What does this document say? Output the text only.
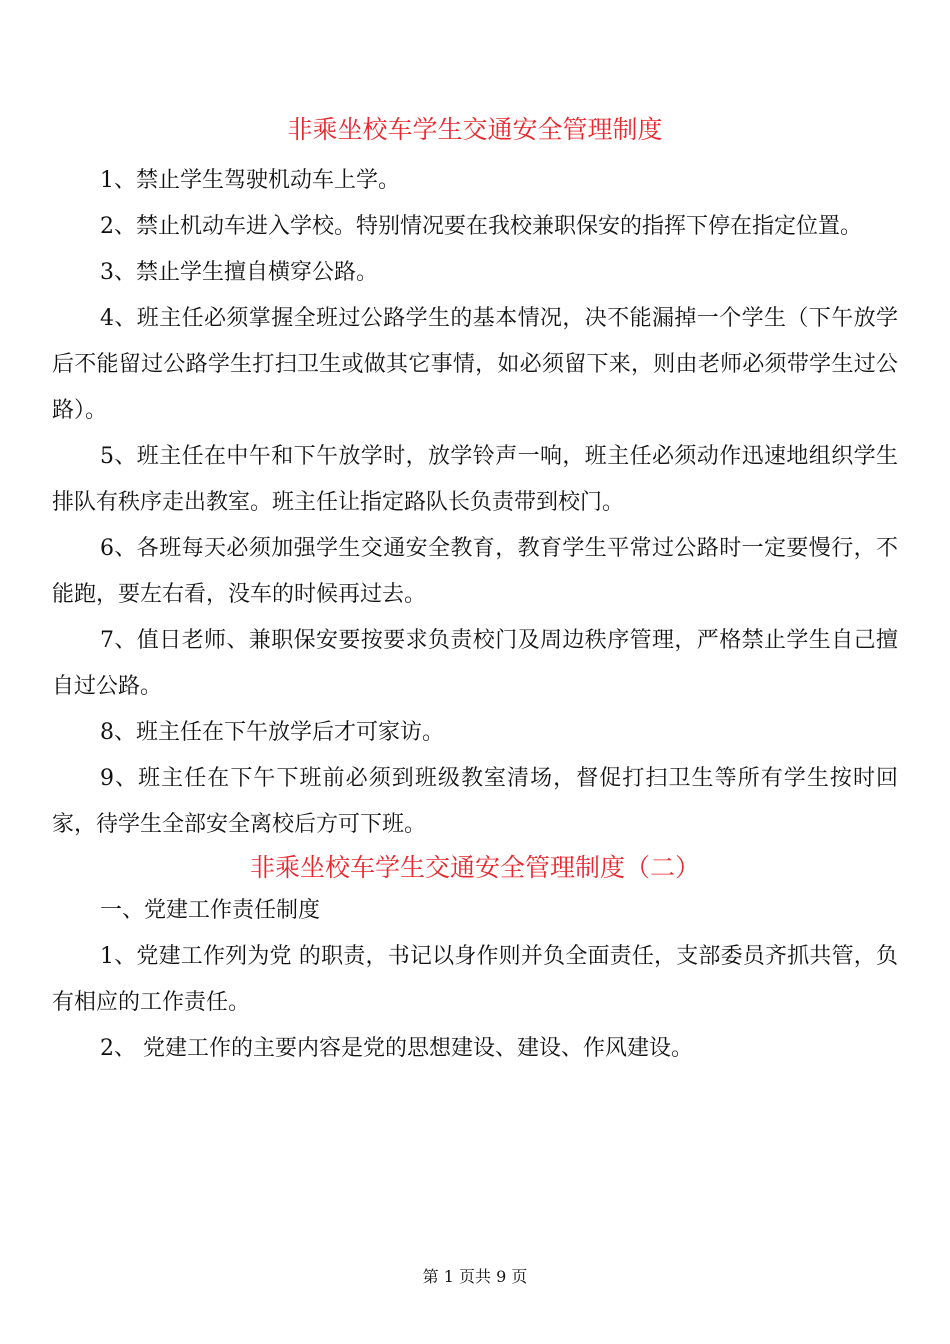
非乘坐校车学生交通安全管理制度

1、禁止学生驾驶机动车上学。

2、禁止机动车进入学校。特别情况要在我校兼职保安的指挥下停在指定位置。

3、禁止学生擅自横穿公路。

4、班主任必须掌握全班过公路学生的基本情况，决不能漏掉一个学生（下午放学后不能留过公路学生打扫卫生或做其它事情，如必须留下来，则由老师必须带学生过公路）。

5、班主任在中午和下午放学时，放学铃声一响，班主任必须动作迅速地组织学生排队有秩序走出教室。班主任让指定路队长负责带到校门。

6、各班每天必须加强学生交通安全教育，教育学生平常过公路时一定要慢行，不能跑，要左右看，没车的时候再过去。

7、值日老师、兼职保安要按要求负责校门及周边秩序管理，严格禁止学生自己擅自过公路。

8、班主任在下午放学后才可家访。

9、班主任在下午下班前必须到班级教室清场，督促打扫卫生等所有学生按时回家，待学生全部安全离校后方可下班。

非乘坐校车学生交通安全管理制度（二）

一、党建工作责任制度

1、党建工作列为党 的职责，书记以身作则并负全面责任，支部委员齐抓共管，负有相应的工作责任。

2、 党建工作的主要内容是党的思想建设、建设、作风建设。

第 1 页共 9 页
